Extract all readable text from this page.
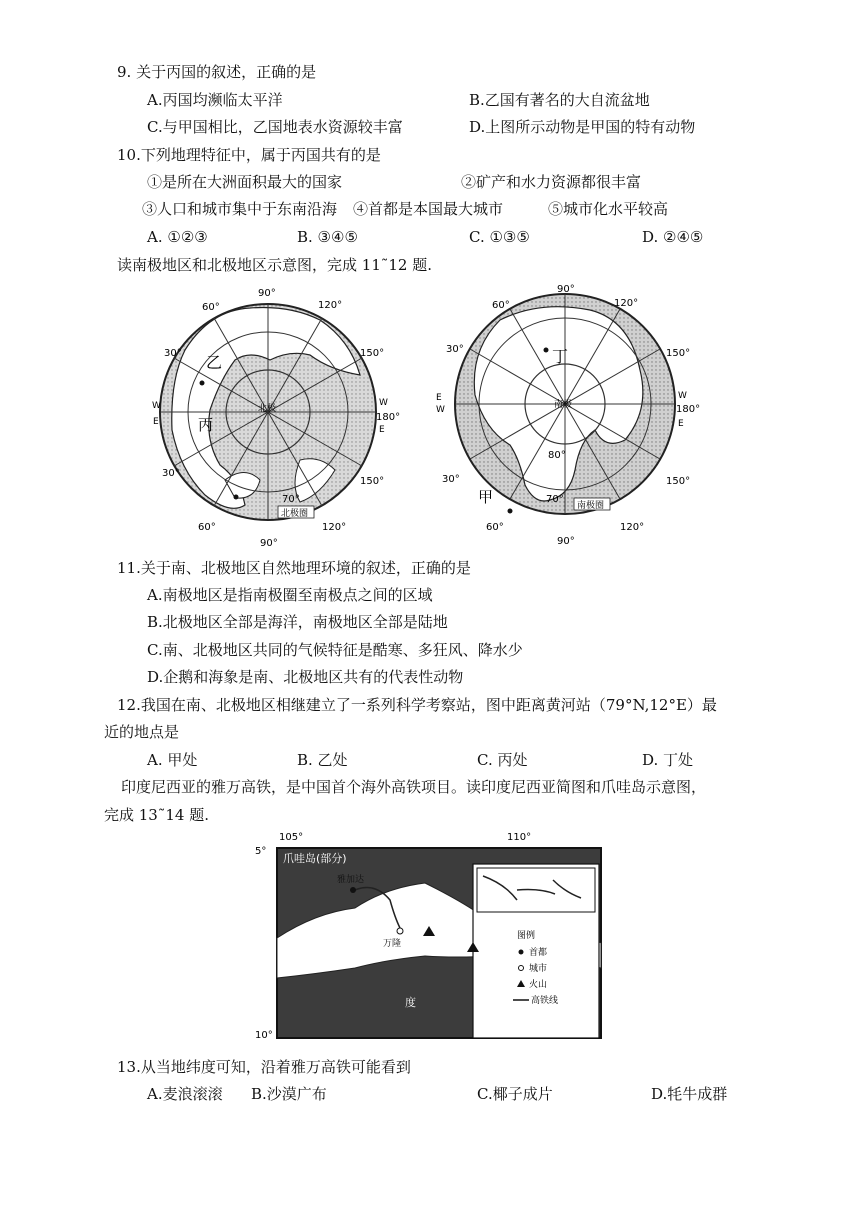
9. 关于丙国的叙述，正确的是
A.丙国均濒临太平洋	B.乙国有著名的大自流盆地
C.与甲国相比，乙国地表水资源较丰富	D.上图所示动物是甲国的特有动物
10.下列地理特征中，属于丙国共有的是
①是所在大洲面积最大的国家	②矿产和水力资源都很丰富
③人口和城市集中于东南沿海 ④首都是本国最大城市	⑤城市化水平较高
A. ①②③	B. ③④⑤	C. ①③⑤	D. ②④⑤
读南极地区和北极地区示意图，完成 11˜12 题.
90°
90°
60°
30°
30°
60°
120°
150°
150°
120°
180°
W
E
W
E
乙
丙
北极
70°
北极圈
90°
90°
60°
30°
30°
60°
120°
150°
150°
120°
180°
E
W
W
E
丁
甲
南极
80°
70°
南极圈
11.关于南、北极地区自然地理环境的叙述，正确的是
A.南极地区是指南极圈至南极点之间的区域
B.北极地区全部是海洋，南极地区全部是陆地
C.南、北极地区共同的气候特征是酷寒、多狂风、降水少
D.企鹅和海象是南、北极地区共有的代表性动物
12.我国在南、北极地区相继建立了一系列科学考察站，图中距离黄河站（79°N,12°E）最
近的地点是
A. 甲处	B. 乙处	C. 丙处	D. 丁处
印度尼西亚的雅万高铁，是中国首个海外高铁项目。读印度尼西亚简图和爪哇岛示意图，
完成 13˜14 题.
105°	110°
5°
10°
爪哇岛(部分)
雅加达
万隆
印
度
洋
图例
首都
城市
火山
高铁线
13.从当地纬度可知，沿着雅万高铁可能看到
A.麦浪滚滚 B.沙漠广布	C.椰子成片	D.牦牛成群
